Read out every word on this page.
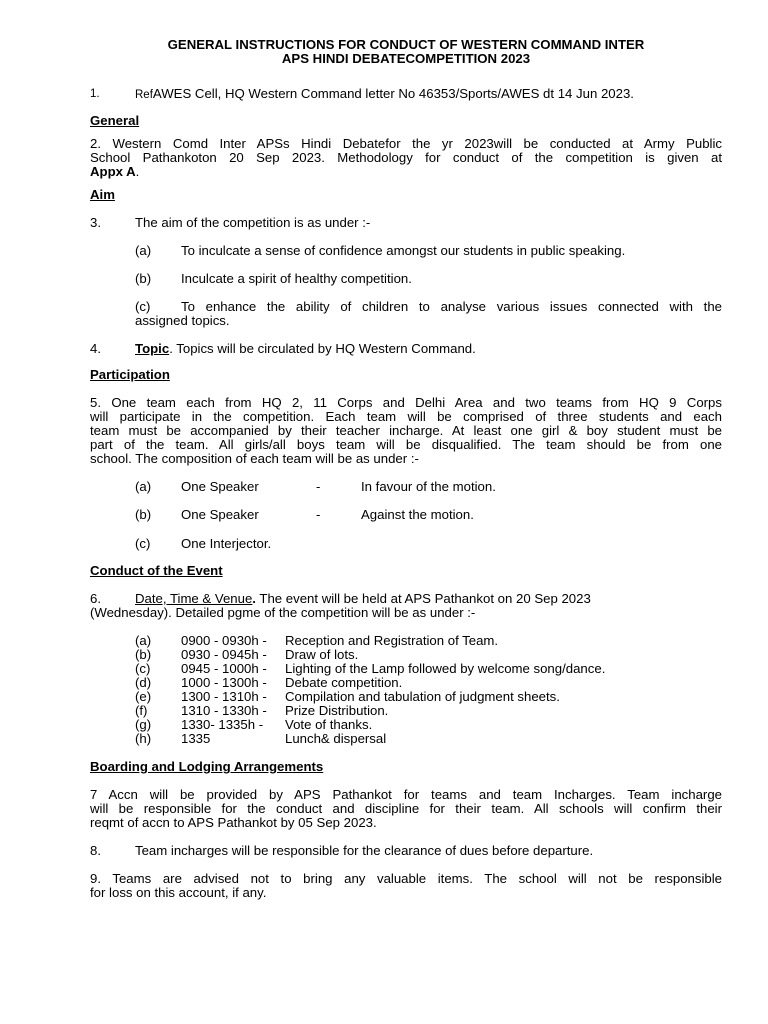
GENERAL INSTRUCTIONS FOR CONDUCT OF WESTERN COMMAND INTER
APS HINDI DEBATECOMPETITION 2023
1.	RefAWES Cell, HQ Western Command letter No 46353/Sports/AWES dt 14 Jun 2023.
General
2. Western Comd Inter APSs Hindi Debatefor the yr 2023will be conducted at Army Public
School Pathankoton 20 Sep 2023. Methodology for conduct of the competition is given at
Appx A.
Aim
3.	The aim of the competition is as under :-
(a) To inculcate a sense of confidence amongst our students in public speaking.
(b) Inculcate a spirit of healthy competition.
(c) To enhance the ability of children to analyse various issues connected with the
assigned topics.
4.	Topic. Topics will be circulated by HQ Western Command.
Participation
5. One team each from HQ 2, 11 Corps and Delhi Area and two teams from HQ 9 Corps
will participate in the competition. Each team will be comprised of three students and each
team must be accompanied by their teacher incharge. At least one girl & boy student must be
part of the team. All girls/all boys team will be disqualified. The team should be from one
school. The composition of each team will be as under :-
(a) One Speaker	-	In favour of the motion.
(b) One Speaker	-	Against the motion.
(c) One Interjector.
Conduct of the Event
6.	Date, Time & Venue. The event will be held at APS Pathankot on 20 Sep 2023
(Wednesday). Detailed pgme of the competition will be as under :-
(a) 0900 - 0930h - Reception and Registration of Team.
(b) 0930 - 0945h - Draw of lots.
(c) 0945 - 1000h - Lighting of the Lamp followed by welcome song/dance.
(d) 1000 - 1300h - Debate competition.
(e) 1300 - 1310h - Compilation and tabulation of judgment sheets.
(f)	1310 - 1330h - Prize Distribution.
(g) 1330- 1335h - Vote of thanks.
(h) 1335	Lunch& dispersal
Boarding and Lodging Arrangements
7 Accn will be provided by APS Pathankot for teams and team Incharges. Team incharge
will be responsible for the conduct and discipline for their team. All schools will confirm their
reqmt of accn to APS Pathankot by 05 Sep 2023.
8.	Team incharges will be responsible for the clearance of dues before departure.
9. Teams are advised not to bring any valuable items. The school will not be responsible
for loss on this account, if any.
